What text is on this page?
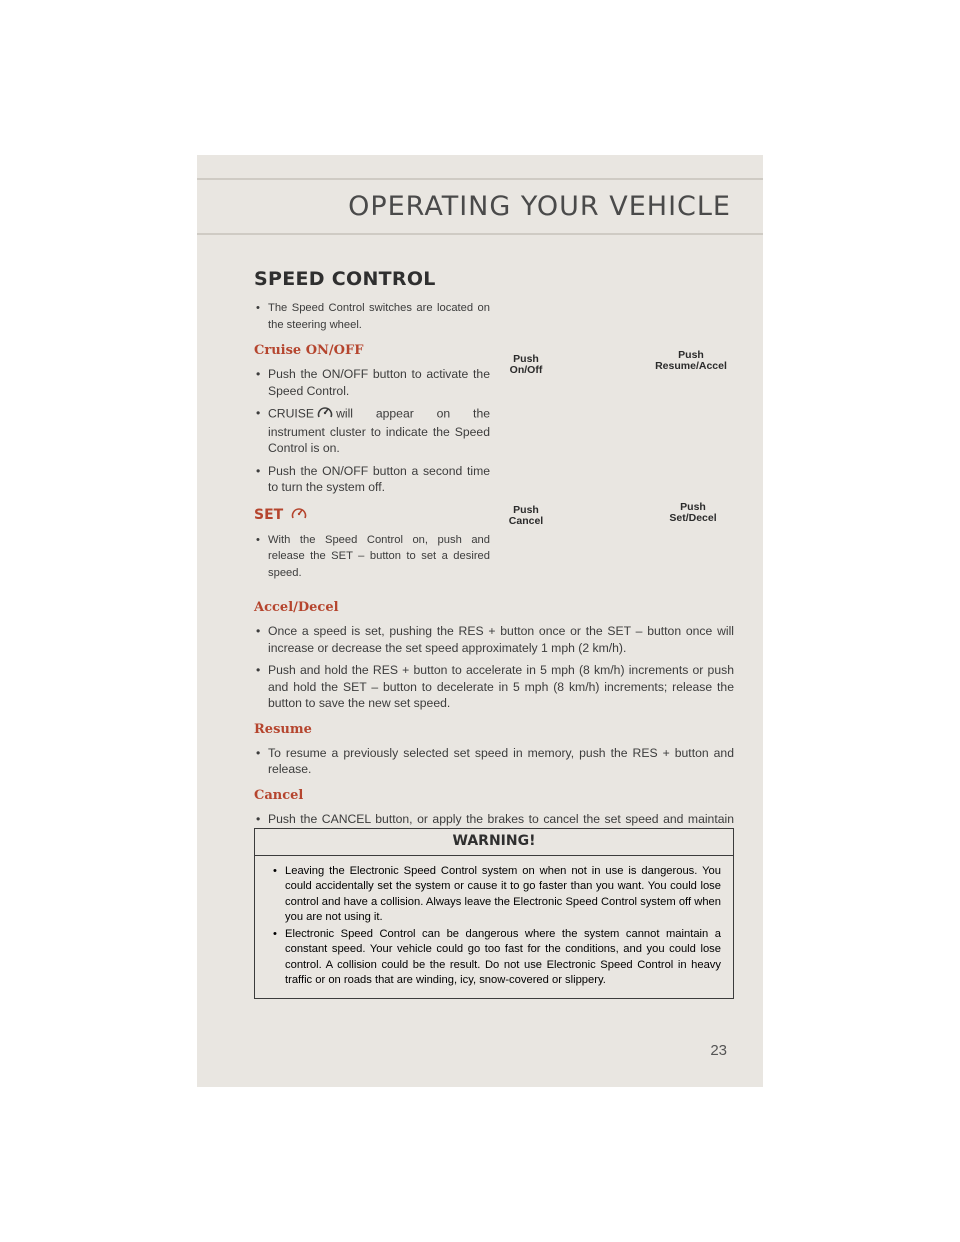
OPERATING YOUR VEHICLE
SPEED CONTROL
• The Speed Control switches are located on the steering wheel.
Cruise ON/OFF
• Push the ON/OFF button to activate the Speed Control.
• CRUISE will appear on the instrument cluster to indicate the Speed Control is on.
• Push the ON/OFF button a second time to turn the system off.
SET
• With the Speed Control on, push and release the SET – button to set a desired speed.
Push
On/Off
Push
Resume/Accel
Push
Cancel
Push
Set/Decel
Accel/Decel
• Once a speed is set, pushing the RES + button once or the SET – button once will increase or decrease the set speed approximately 1 mph (2 km/h).
• Push and hold the RES + button to accelerate in 5 mph (8 km/h) increments or push and hold the SET – button to decelerate in 5 mph (8 km/h) increments; release the button to save the new set speed.
Resume
• To resume a previously selected set speed in memory, push the RES + button and release.
Cancel
• Push the CANCEL button, or apply the brakes to cancel the set speed and maintain
WARNING!
• Leaving the Electronic Speed Control system on when not in use is dangerous. You could accidentally set the system or cause it to go faster than you want. You could lose control and have a collision. Always leave the Electronic Speed Control system off when you are not using it.
• Electronic Speed Control can be dangerous where the system cannot maintain a constant speed. Your vehicle could go too fast for the conditions, and you could lose control. A collision could be the result. Do not use Electronic Speed Control in heavy traffic or on roads that are winding, icy, snow-covered or slippery.
23
